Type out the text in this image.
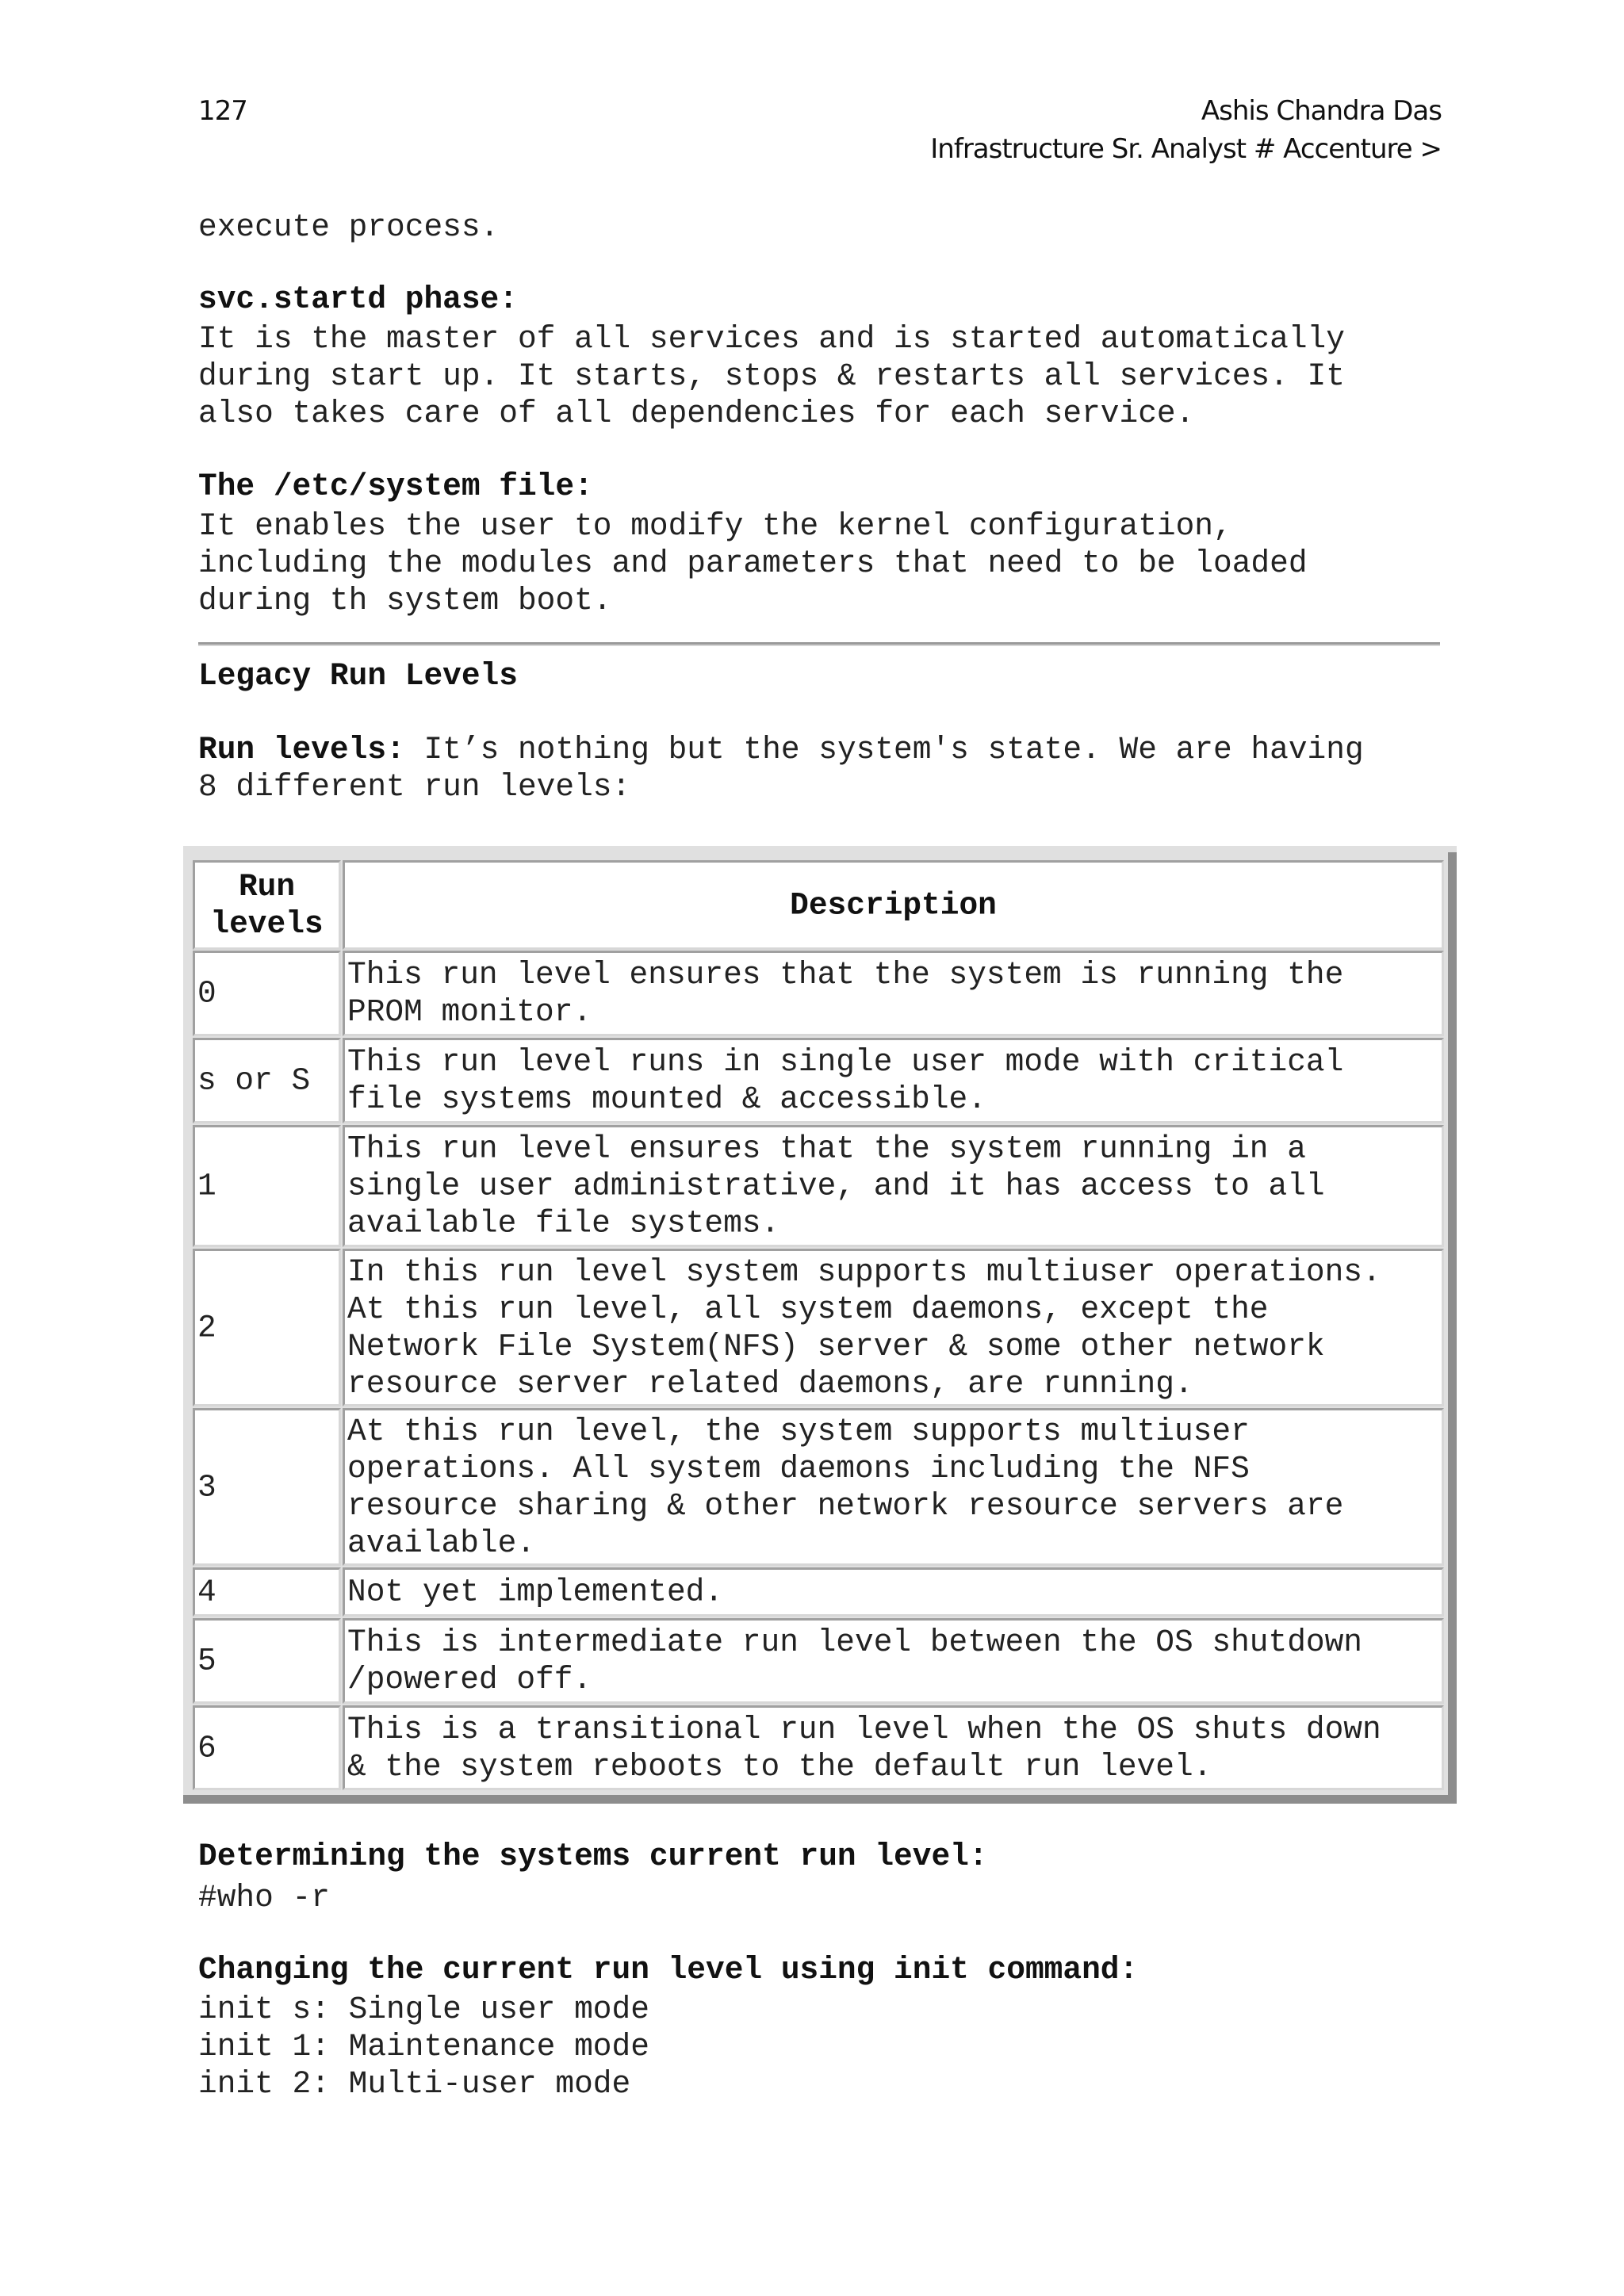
127	Ashis Chandra Das
Infrastructure Sr. Analyst # Accenture >
execute process.
svc.startd phase:
It is the master of all services and is started automatically
during start up. It starts, stops & restarts all services. It
also takes care of all dependencies for each service.
The /etc/system file:
It enables the user to modify the kernel configuration,
including the modules and parameters that need to be loaded
during th system boot.
Legacy Run Levels
Run levels: It’s nothing but the system's state. We are having
8 different run levels:
Run
levels
Description
0
This run level ensures that the system is running the
PROM monitor.
s or S
This run level runs in single user mode with critical
file systems mounted & accessible.
1
This run level ensures that the system running in a
single user administrative, and it has access to all
available file systems.
2
In this run level system supports multiuser operations.
At this run level, all system daemons, except the
Network File System(NFS) server & some other network
resource server related daemons, are running.
3
At this run level, the system supports multiuser
operations. All system daemons including the NFS
resource sharing & other network resource servers are
available.
4	Not yet implemented.
5
This is intermediate run level between the OS shutdown
/powered off.
6
This is a transitional run level when the OS shuts down
& the system reboots to the default run level.
Determining the systems current run level:
#who -r
Changing the current run level using init command:
init s: Single user mode
init 1: Maintenance mode
init 2: Multi-user mode
